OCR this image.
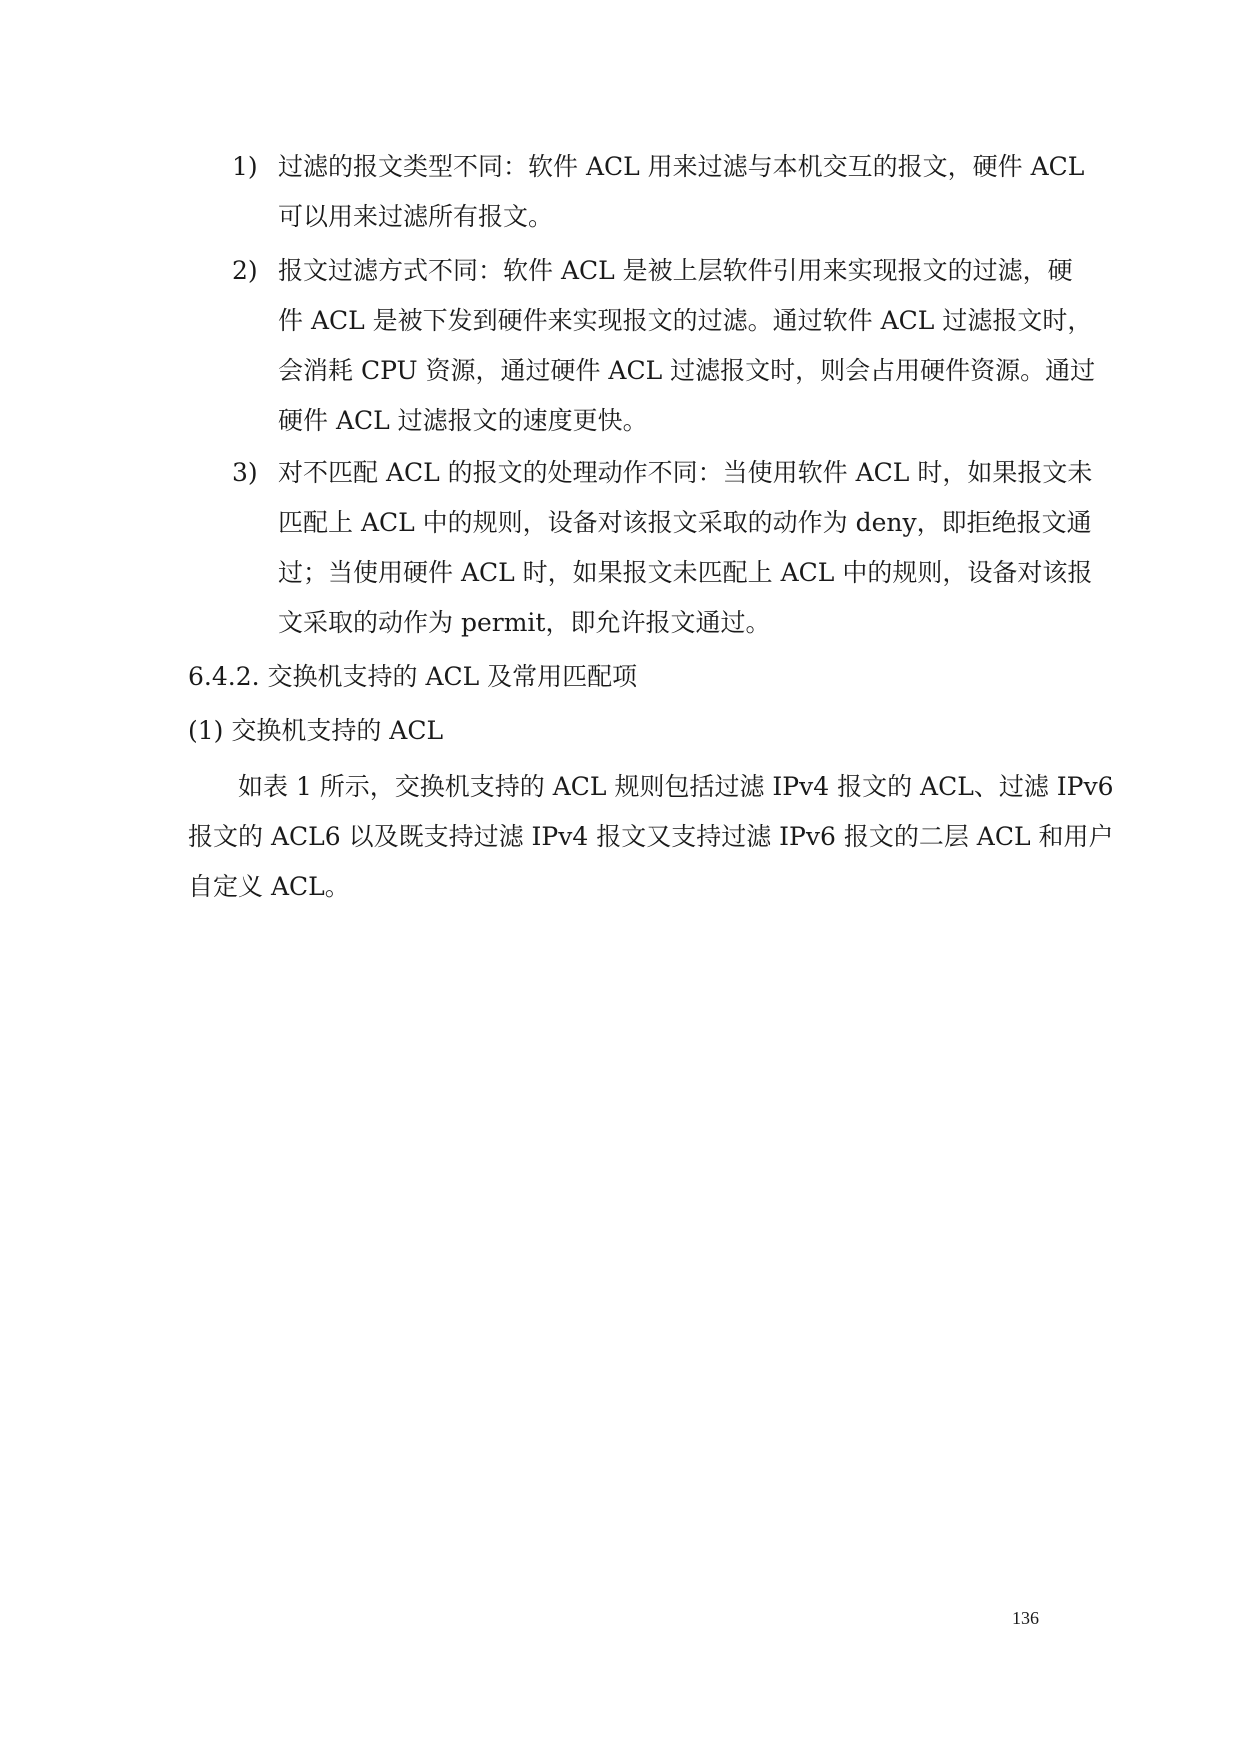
1) 过滤的报文类型不同：软件 ACL 用来过滤与本机交互的报文，硬件 ACL
可以用来过滤所有报文。
2) 报文过滤方式不同：软件 ACL 是被上层软件引用来实现报文的过滤，硬
件 ACL 是被下发到硬件来实现报文的过滤。通过软件 ACL 过滤报文时，
会消耗 CPU 资源，通过硬件 ACL 过滤报文时，则会占用硬件资源。通过
硬件 ACL 过滤报文的速度更快。
3) 对不匹配 ACL 的报文的处理动作不同：当使用软件 ACL 时，如果报文未
匹配上 ACL 中的规则，设备对该报文采取的动作为 deny，即拒绝报文通
过；当使用硬件 ACL 时，如果报文未匹配上 ACL 中的规则，设备对该报
文采取的动作为 permit，即允许报文通过。
6.4.2. 交换机支持的 ACL 及常用匹配项
(1) 交换机支持的 ACL
如表 1 所示，交换机支持的 ACL 规则包括过滤 IPv4 报文的 ACL、过滤 IPv6
报文的 ACL6 以及既支持过滤 IPv4 报文又支持过滤 IPv6 报文的二层 ACL 和用户
自定义 ACL。
136
